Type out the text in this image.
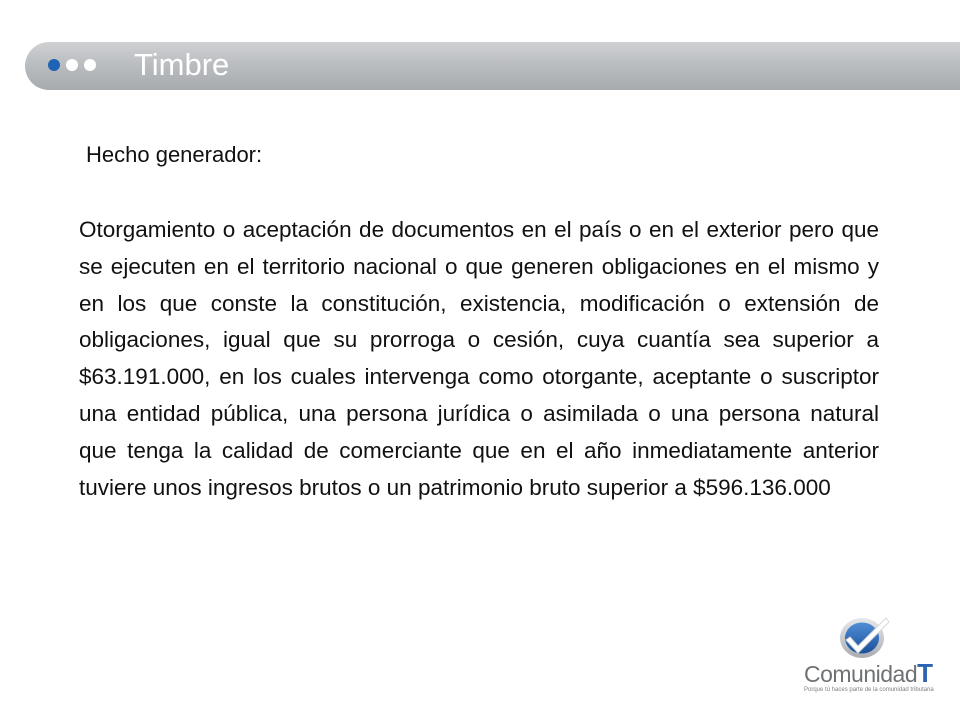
Timbre
Hecho generador:
Otorgamiento o aceptación de documentos en el país o en el exterior pero que se ejecuten en el territorio nacional o que generen obligaciones en el mismo y en los que conste la constitución, existencia, modificación o extensión de obligaciones, igual que su prorroga o cesión, cuya cuantía sea superior a $63.191.000, en los cuales intervenga como otorgante, aceptante o suscriptor una entidad pública, una persona jurídica o asimilada o una persona natural que tenga la calidad de comerciante que en el año inmediatamente anterior tuviere unos ingresos brutos o un patrimonio bruto superior a $596.136.000
ComunidadT
Porque tú haces parte de la comunidad tributaria
